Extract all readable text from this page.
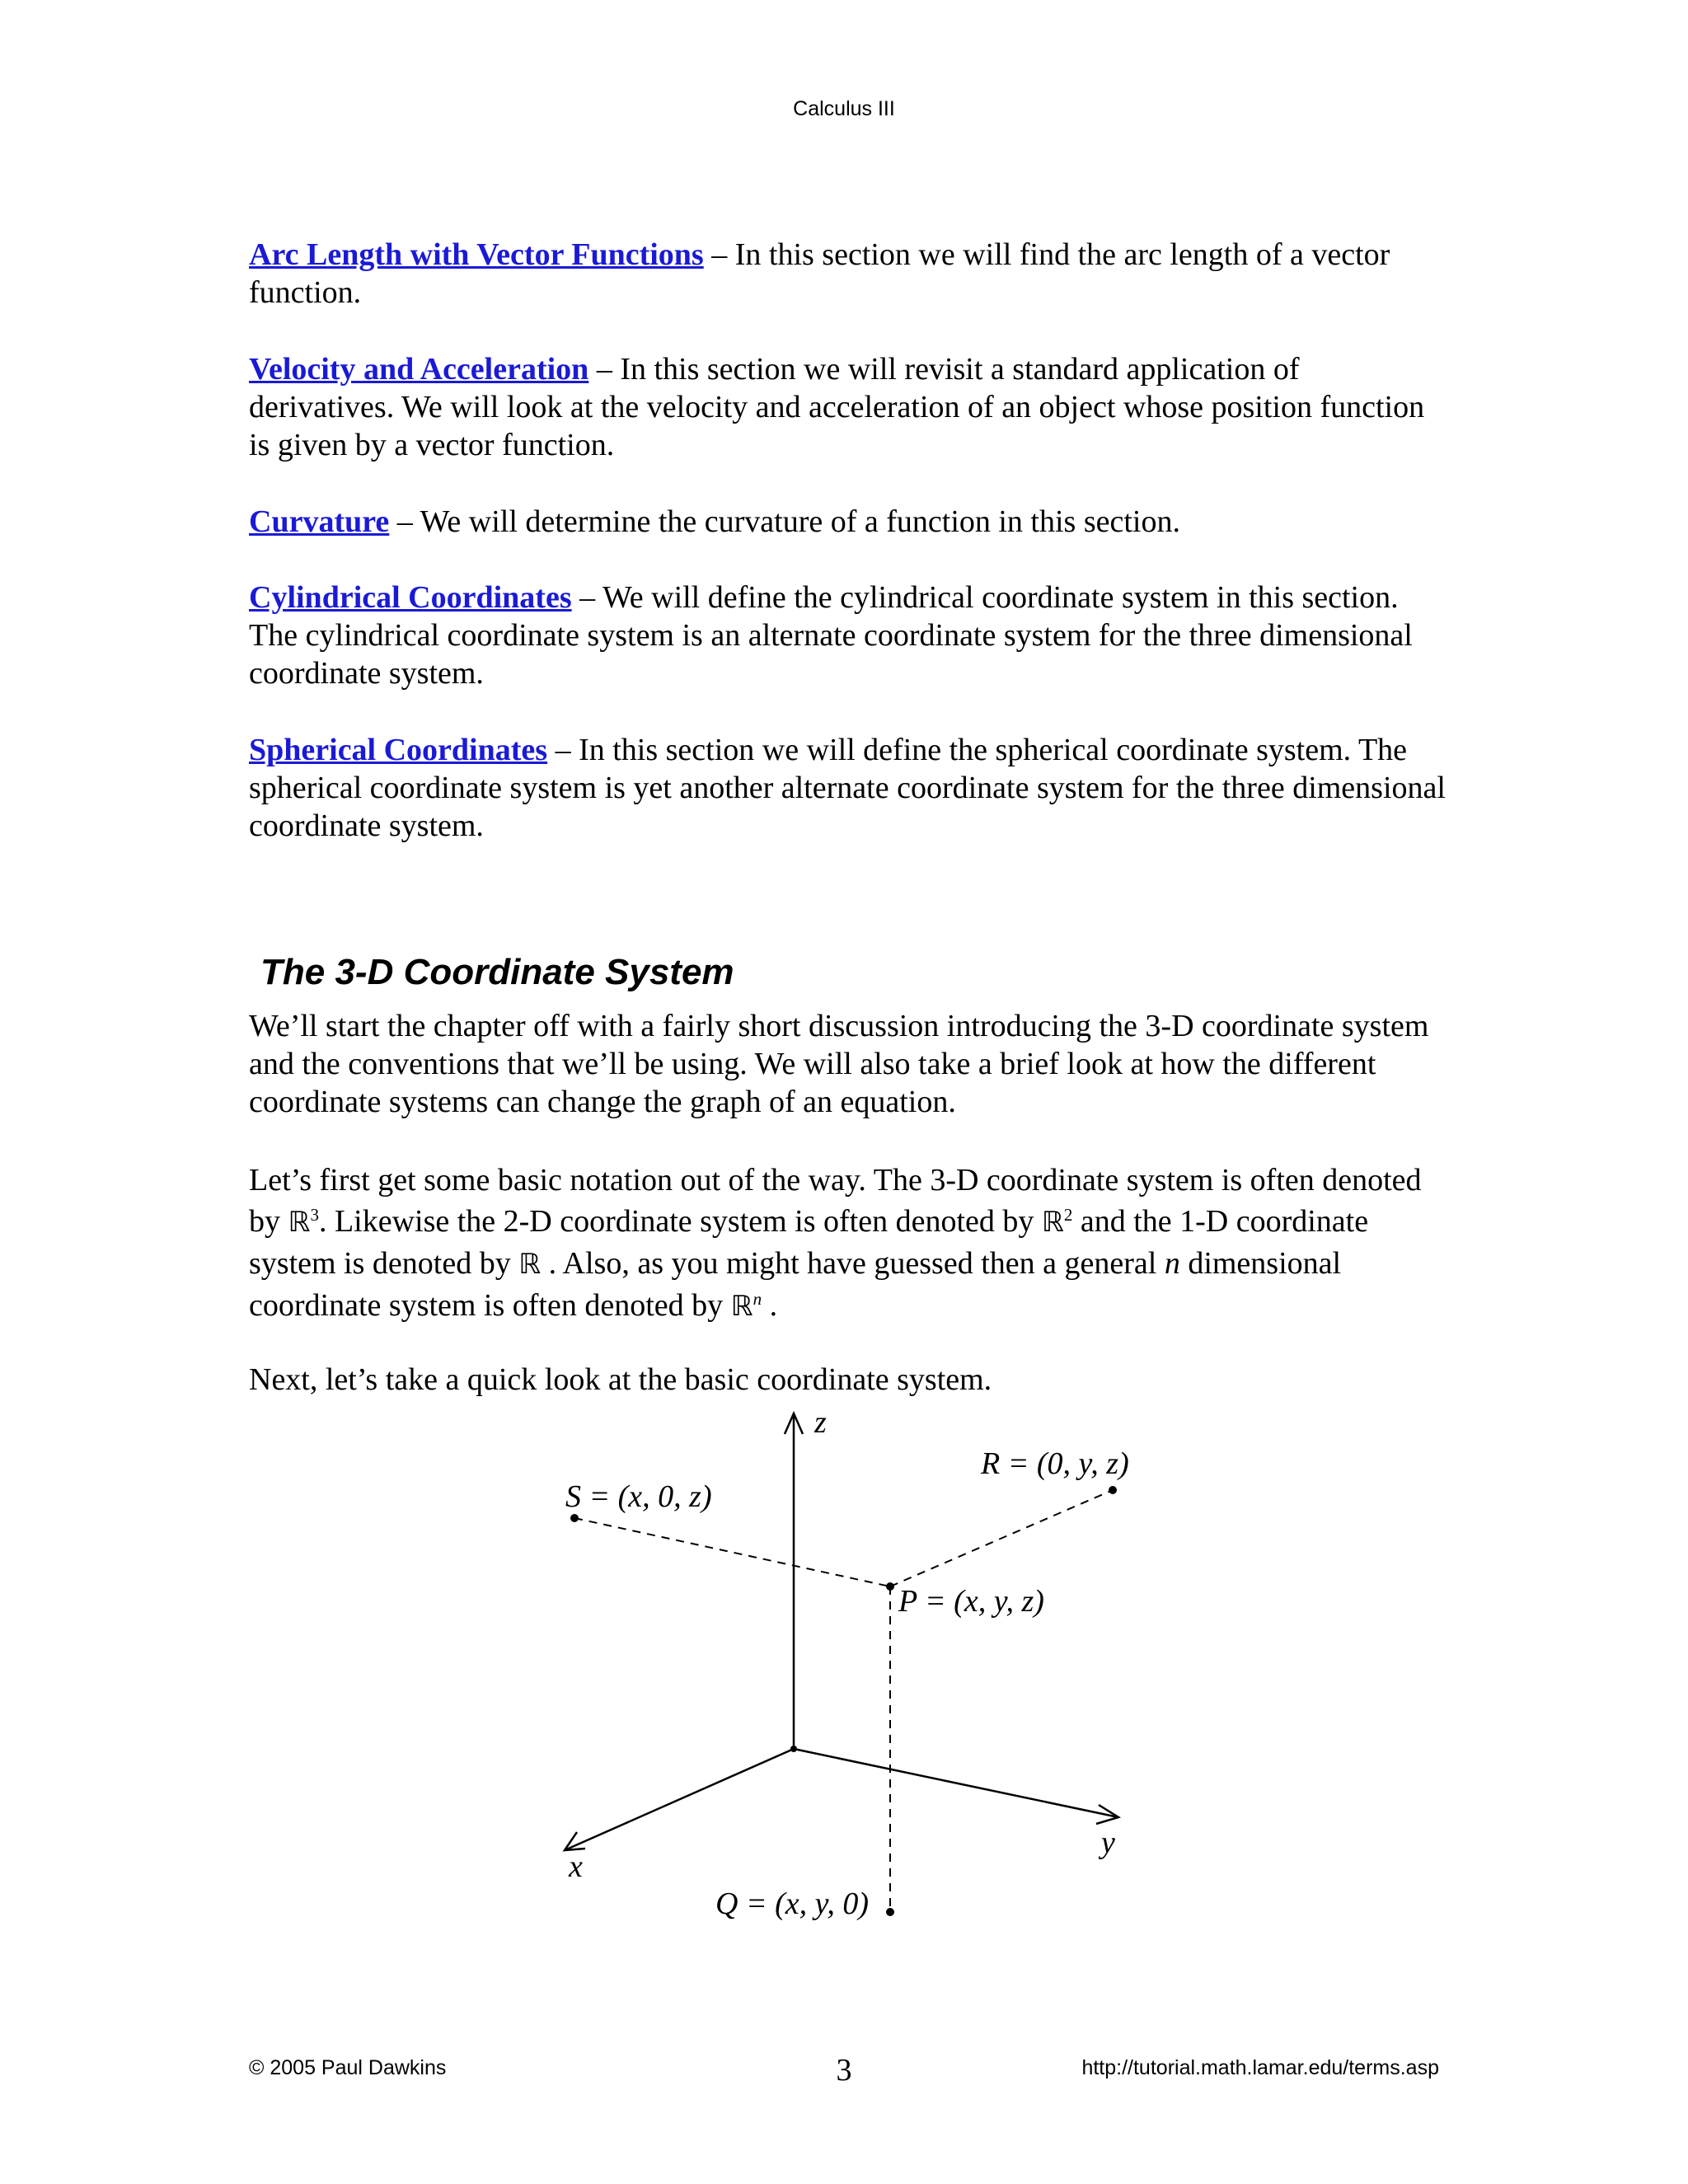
Calculus III

Arc Length with Vector Functions – In this section we will find the arc length of a vector function.

Velocity and Acceleration – In this section we will revisit a standard application of derivatives. We will look at the velocity and acceleration of an object whose position function is given by a vector function.

Curvature – We will determine the curvature of a function in this section.

Cylindrical Coordinates – We will define the cylindrical coordinate system in this section. The cylindrical coordinate system is an alternate coordinate system for the three dimensional coordinate system.

Spherical Coordinates – In this section we will define the spherical coordinate system. The spherical coordinate system is yet another alternate coordinate system for the three dimensional coordinate system.

The 3-D Coordinate System

We’ll start the chapter off with a fairly short discussion introducing the 3-D coordinate system and the conventions that we’ll be using. We will also take a brief look at how the different coordinate systems can change the graph of an equation.

Let’s first get some basic notation out of the way. The 3-D coordinate system is often denoted by ℝ$^3$. Likewise the 2-D coordinate system is often denoted by ℝ$^2$ and the 1-D coordinate system is denoted by ℝ . Also, as you might have guessed then a general n dimensional coordinate system is often denoted by ℝ$^n$ .

Next, let’s take a quick look at the basic coordinate system.

z
y
x
S = (x, 0, z)
R = (0, y, z)
P = (x, y, z)
Q = (x, y, 0)
© 2005 Paul Dawkins	3	http://tutorial.math.lamar.edu/terms.asp
